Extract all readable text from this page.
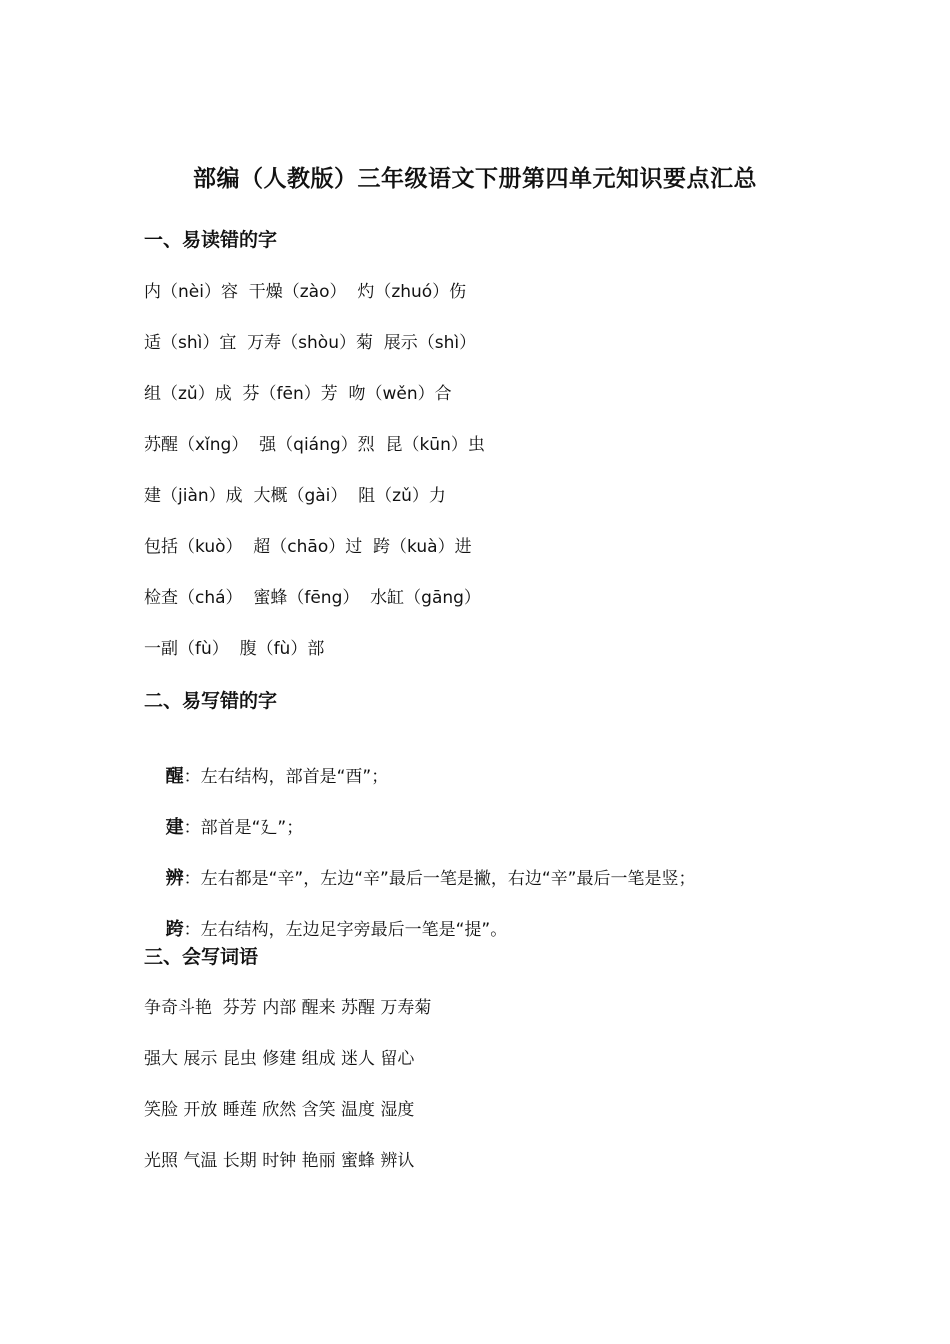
部编（人教版）三年级语文下册第四单元知识要点汇总
一、易读错的字
内（nèi）容  干燥（zào）  灼（zhuó）伤
适（shì）宜  万寿（shòu）菊  展示（shì）
组（zǔ）成  芬（fēn）芳  吻（wěn）合
苏醒（xǐng）  强（qiáng）烈  昆（kūn）虫
建（jiàn）成  大概（gài）  阻（zǔ）力
包括（kuò）  超（chāo）过  跨（kuà）进
检查（chá）  蜜蜂（fēng）  水缸（gāng）
一副（fù）  腹（fù）部
二、易写错的字

醒：左右结构，部首是“酉”；

建：部首是“廴”；

辨：左右都是“辛”，左边“辛”最后一笔是撇，右边“辛”最后一笔是竖；

跨：左右结构，左边足字旁最后一笔是“提”。

三、会写词语
争奇斗艳  芬芳 内部 醒来 苏醒 万寿菊
强大 展示 昆虫 修建 组成 迷人 留心
笑脸 开放 睡莲 欣然 含笑 温度 湿度
光照 气温 长期 时钟 艳丽 蜜蜂 辨认
